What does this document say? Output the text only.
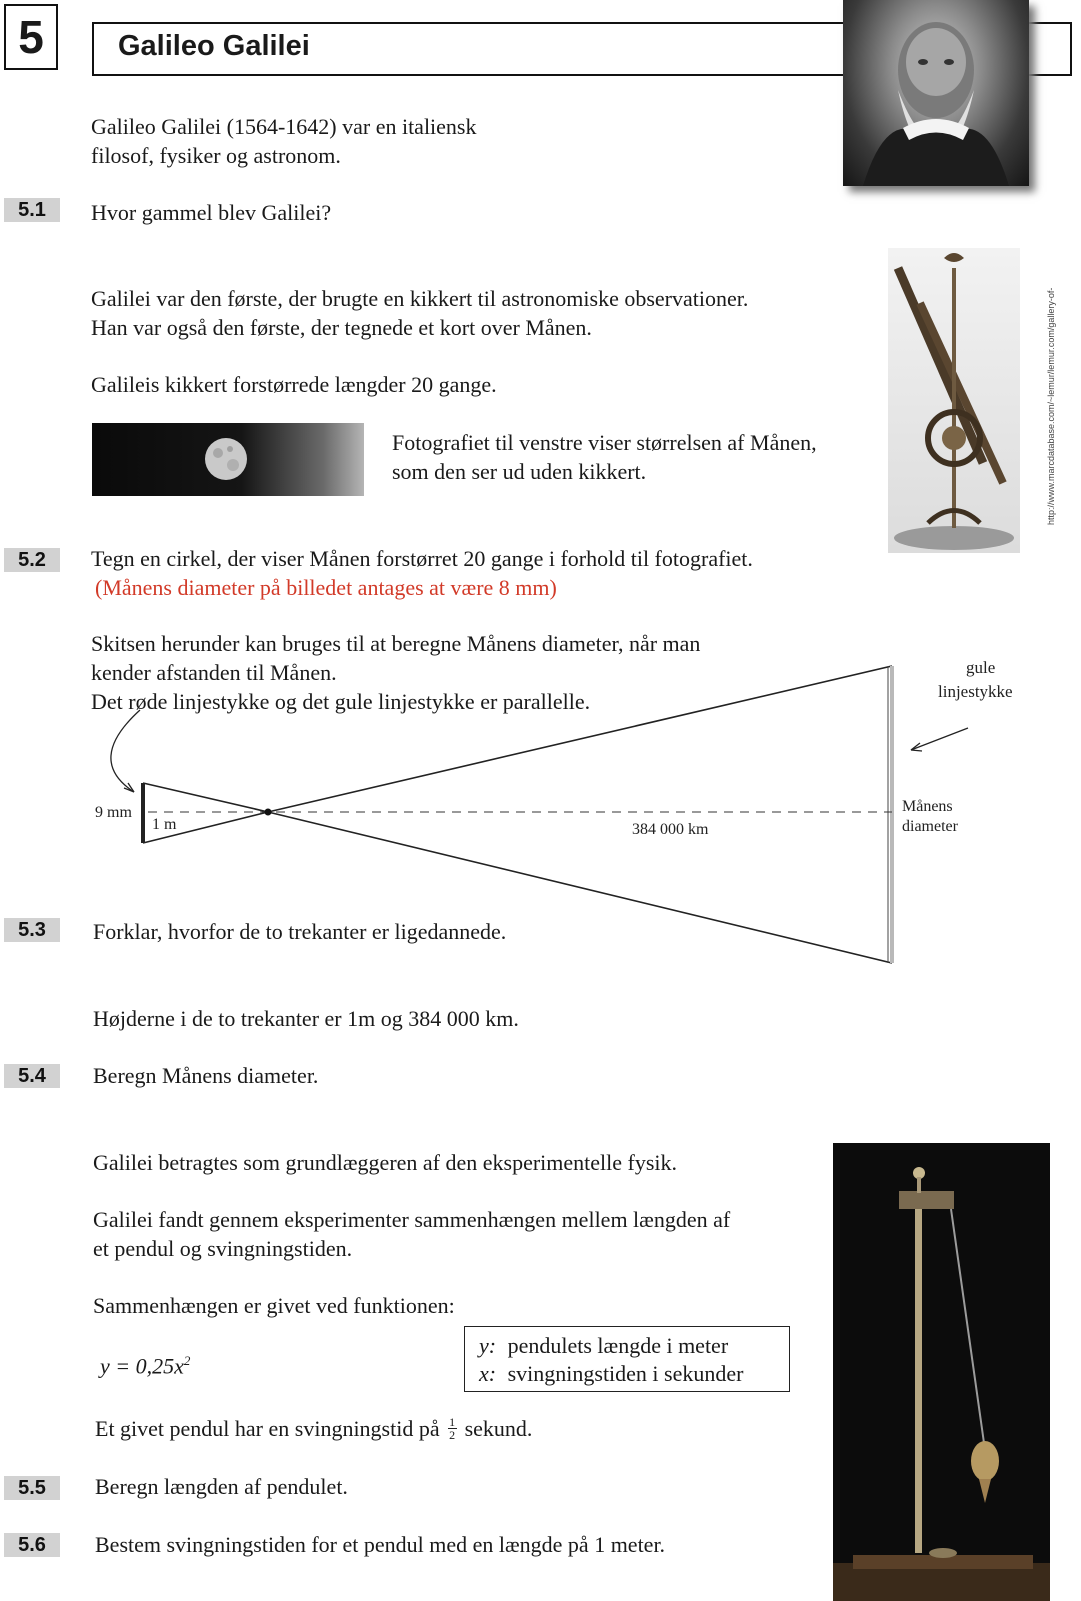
5	Galileo Galilei
Galileo Galilei (1564-1642) var en italiensk
filosof, fysiker og astronom.
5.1	Hvor gammel blev Galilei?
http://www.marcdatabase.com/~lemur/lemur.com/gallery-of-
Galilei var den første, der brugte en kikkert til astronomiske observationer.
Han var også den første, der tegnede et kort over Månen.
Galileis kikkert forstørrede længder 20 gange.
Fotografiet til venstre viser størrelsen af Månen,
som den ser ud uden kikkert.
5.2	Tegn en cirkel, der viser Månen forstørret 20 gange i forhold til fotografiet.
(Månens diameter på billedet antages at være 8 mm)
Skitsen herunder kan bruges til at beregne Månens diameter, når man
kender afstanden til Månen.
Det røde linjestykke og det gule linjestykke er parallelle.
9 mm
1 m	384 000 km
gule
linjestykke
Månens
diameter
5.3	Forklar, hvorfor de to trekanter er ligedannede.
Højderne i de to trekanter er 1m og 384 000 km.
5.4	Beregn Månens diameter.
Galilei betragtes som grundlæggeren af den eksperimentelle fysik.
Galilei fandt gennem eksperimenter sammenhængen mellem længden af
et pendul og svingningstiden.
Sammenhængen er givet ved funktionen:
$y = 0,25x^2$
y: pendulets længde i meter
x: svingningstiden i sekunder
Et givet pendul har en svingningstid på 1
2 sekund.
5.5	Beregn længden af pendulet.
5.6	Bestem svingningstiden for et pendul med en længde på 1 meter.
